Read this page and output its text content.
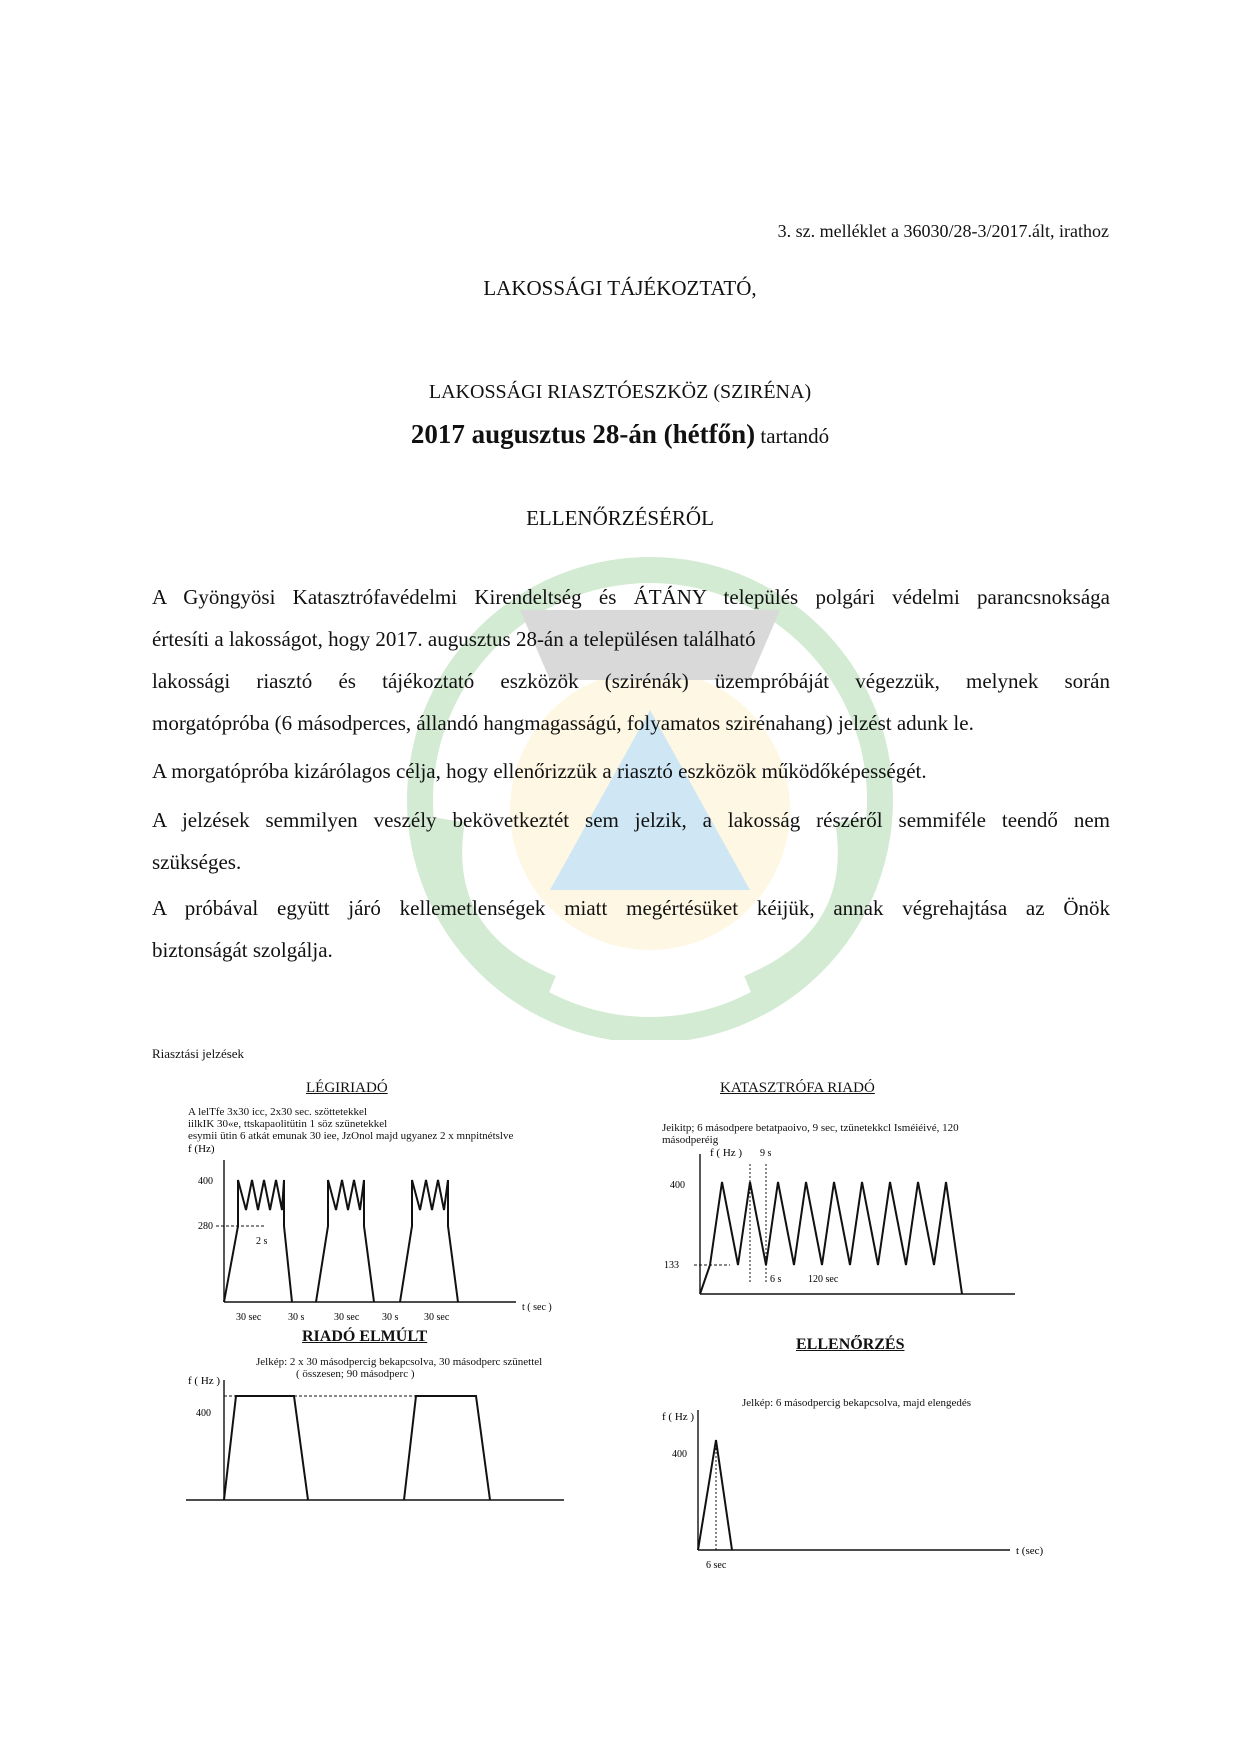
3. sz. melléklet a 36030/28-3/2017.ált, irathoz
LAKOSSÁGI TÁJÉKOZTATÓ,
LAKOSSÁGI RIASZTÓESZKÖZ (SZIRÉNA)
2017 augusztus 28-án (hétfőn) tartandó
ELLENŐRZÉSÉRŐL
A Gyöngyösi Katasztrófavédelmi Kirendeltség és ÁTÁNY település polgári védelmi parancsnoksága
értesíti a lakosságot, hogy 2017. augusztus 28-án a településen található
lakossági riasztó és tájékoztató eszközök (szirénák) üzempróbáját végezzük, melynek során
morgatópróba (6 másodperces, állandó hangmagasságú, folyamatos szirénahang) jelzést adunk le.
A morgatópróba kizárólagos célja, hogy ellenőrizzük a riasztó eszközök működőképességét.
A jelzések semmilyen veszély bekövetkeztét sem jelzik, a lakosság részéről semmiféle teendő nem
szükséges.
A próbával együtt járó kellemetlenségek miatt megértésüket kéijük, annak végrehajtása az Önök
biztonságát szolgálja.
Riasztási jelzések
LÉGIRIADÓ
A lelTfe 3x30 icc, 2x30 sec. szöttetekkel
iilkIK 30«e, ttskapaolitütin 1 söz szünetekkel
esymii ütin 6 atkát emunak 30 iee, JzOnol majd ugyanez 2 x mnpitnétslve
f (Hz)
400
280
2 s
t ( sec )
30 sec	30 s	30 sec 30 s	30 sec
KATASZTRÓFA RIADÓ
Jeikitp; 6 másodpere betatpaoivo, 9 sec, tzünetekkcl Isméiéivé, 120
másodperéig
f ( Hz ) 9 s
400
133
6 s	120 sec
RIADÓ ELMÚLT
Jelkép: 2 x 30 másodpercig bekapcsolva, 30 másodperc szünettel
( összesen; 90 másodperc )
f ( Hz )
400
ELLENŐRZÉS
Jelkép: 6 másodpercig bekapcsolva, majd elengedés
f ( Hz )
400
t (sec)
6 sec
